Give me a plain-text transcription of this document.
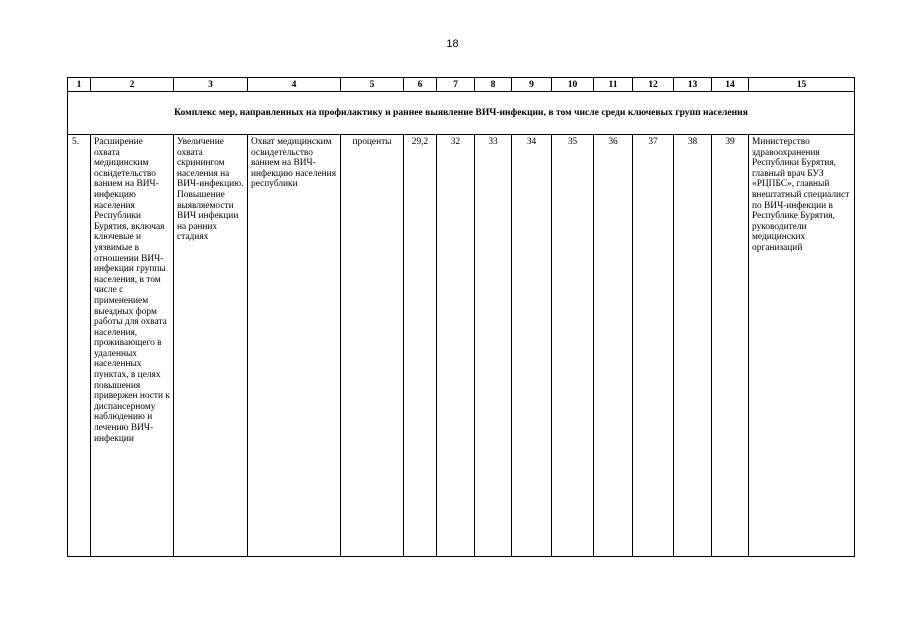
18
1	2	3	4	5	6	7	8	9	10	11	12	13	14	15
Комплекс мер, направленных на профилактику и раннее выявление ВИЧ-инфекции, в том числе среди ключевых групп населения														
5.	Расширение охвата медицинским освидетельство ванием на ВИЧ-инфекцию населения Республики Бурятия, включая ключевые и уязвимые в отношении ВИЧ-инфекции группы населения, в том числе с применением выездных форм работы для охвата населения, проживающего в удаленных населенных пунктах, в целях повышения привержен ности к диспансерному наблюдению и лечению ВИЧ-инфекции	Увеличение охвата скринингом населения на ВИЧ-инфекцию. Повышение выявляемости ВИЧ инфекции на ранних стадиях	Охват медицинским освидетельство ванием на ВИЧ-инфекцию населения республики	проценты	29,2	32	33	34	35	36	37	38	39	Министерство здравоохранения Республики Бурятия, главный врач БУЗ «РЦПБС», главный внештатный специалист по ВИЧ-инфекции в Республике Бурятия, руководители медицинских организаций
